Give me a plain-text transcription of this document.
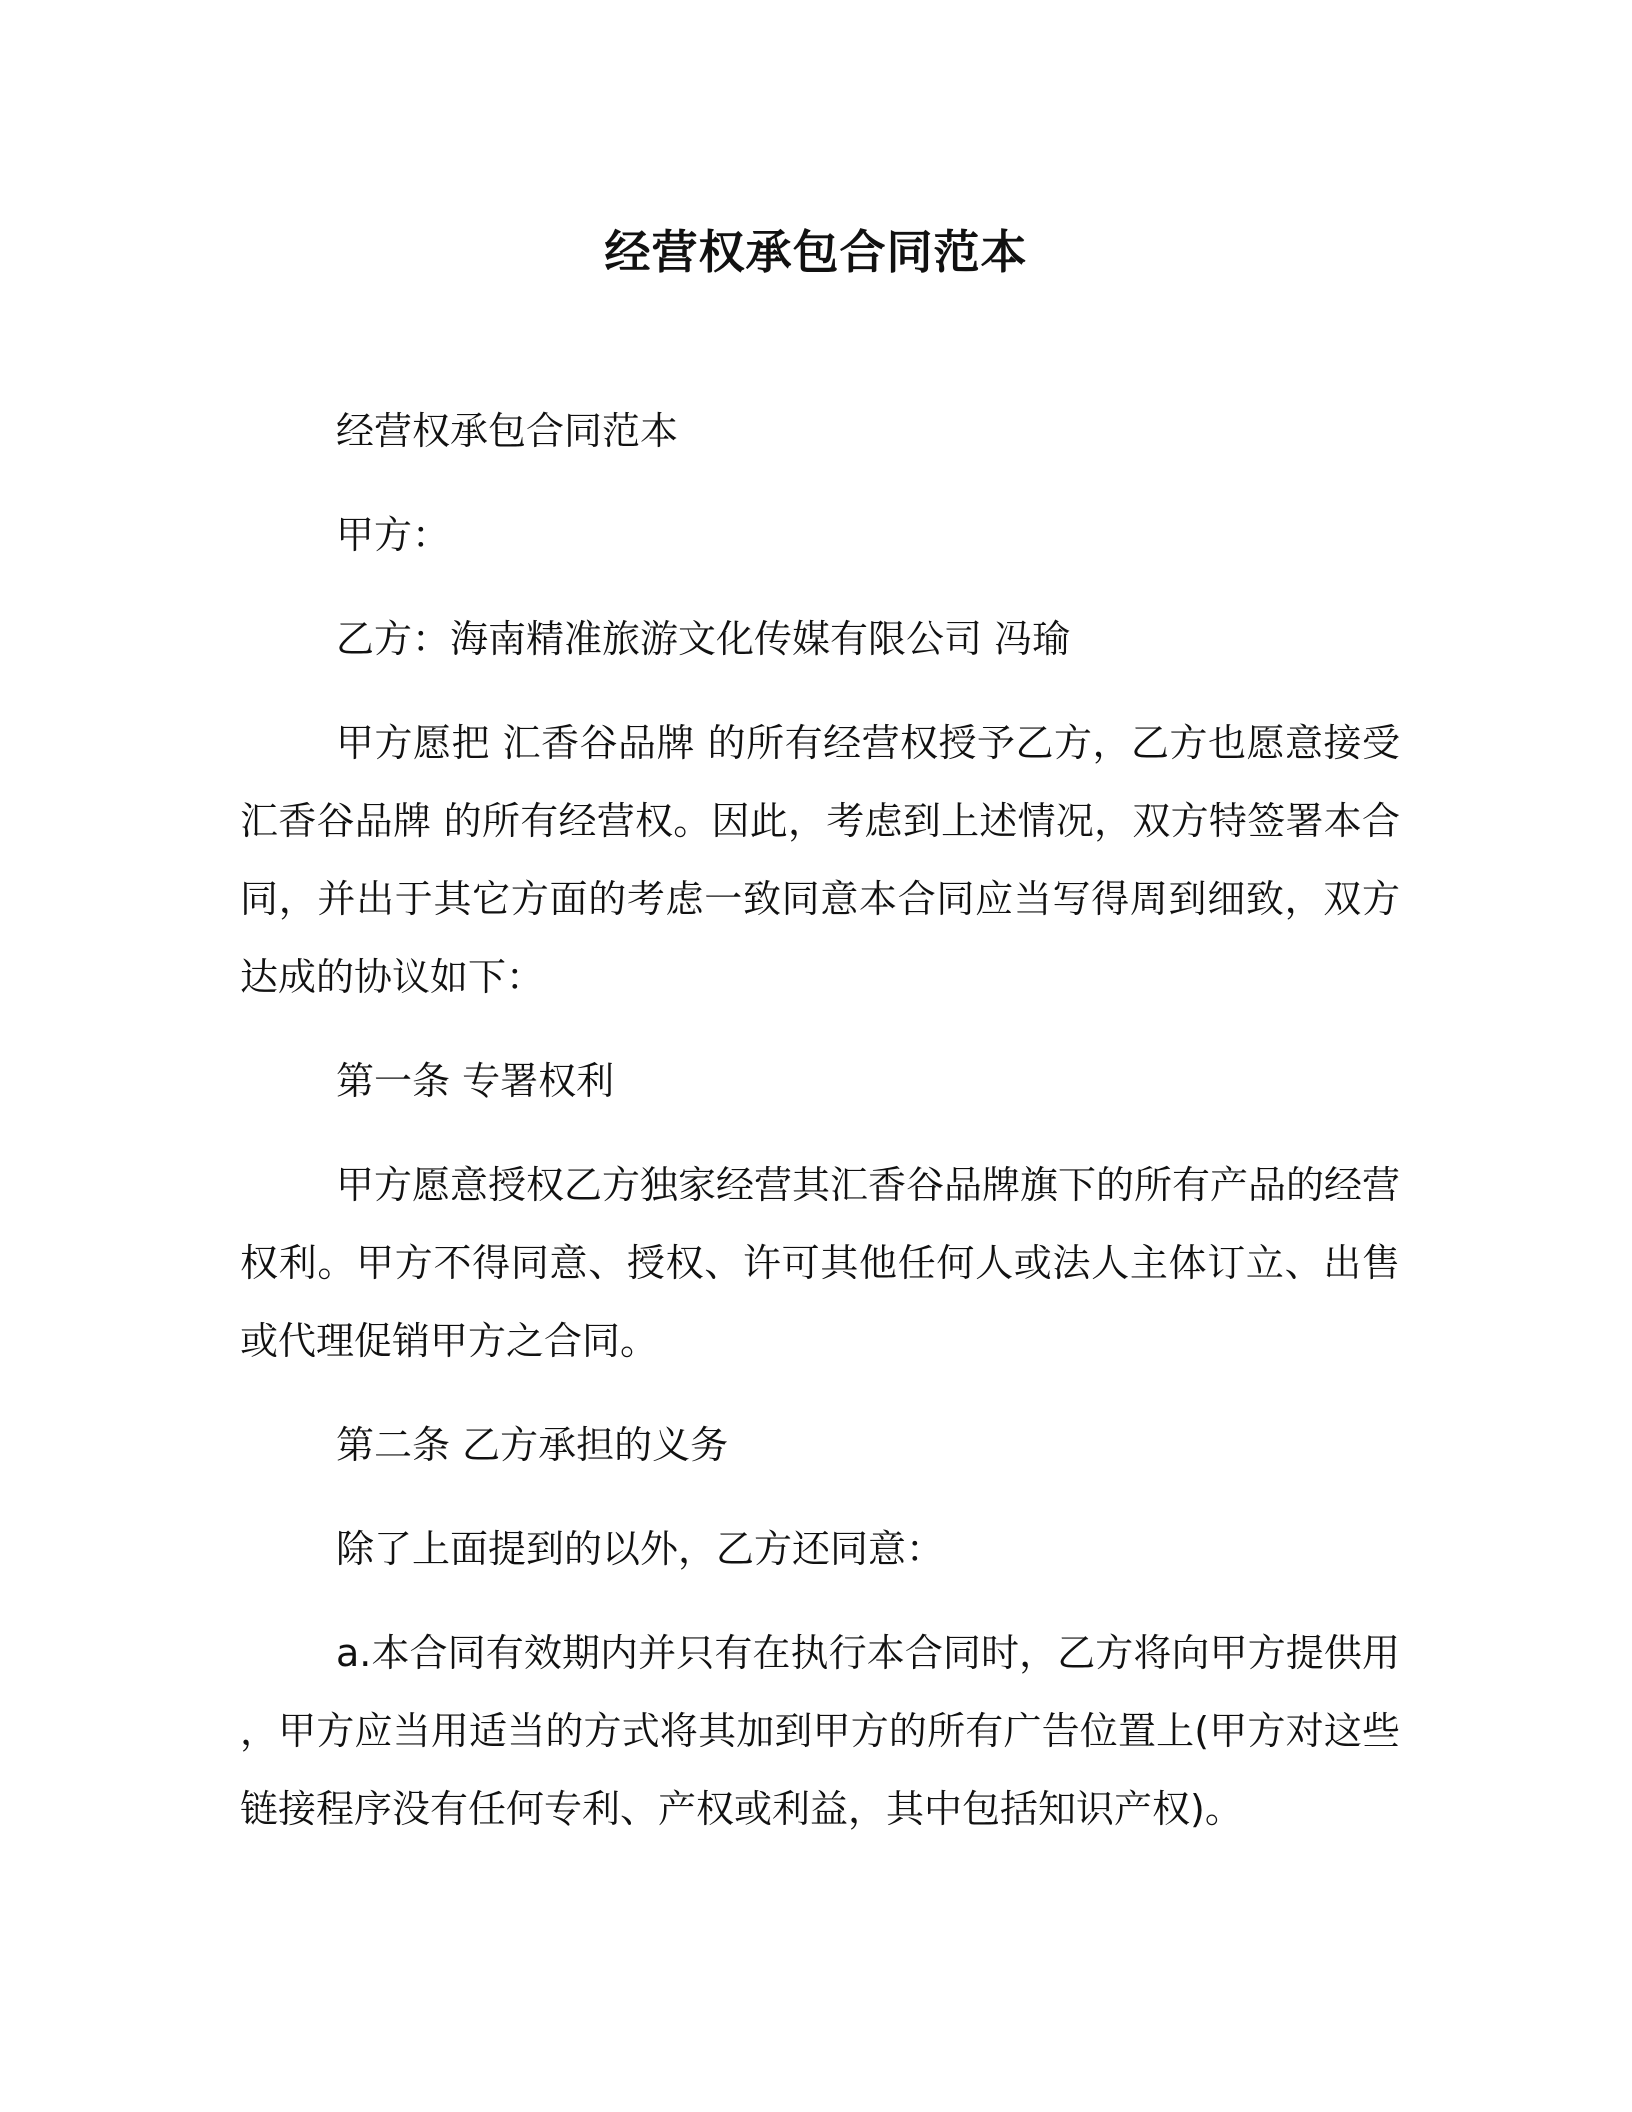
经营权承包合同范本

经营权承包合同范本

甲方：

乙方：海南精准旅游文化传媒有限公司 冯瑜

甲方愿把 汇香谷品牌 的所有经营权授予乙方，乙方也愿意接受汇香谷品牌 的所有经营权。因此，考虑到上述情况，双方特签署本合同，并出于其它方面的考虑一致同意本合同应当写得周到细致，双方达成的协议如下：

第一条 专署权利

甲方愿意授权乙方独家经营其汇香谷品牌旗下的所有产品的经营权利。甲方不得同意、授权、许可其他任何人或法人主体订立、出售或代理促销甲方之合同。

第二条 乙方承担的义务

除了上面提到的以外，乙方还同意：

a.本合同有效期内并只有在执行本合同时，乙方将向甲方提供用 ，甲方应当用适当的方式将其加到甲方的所有广告位置上(甲方对这些链接程序没有任何专利、产权或利益，其中包括知识产权)。
